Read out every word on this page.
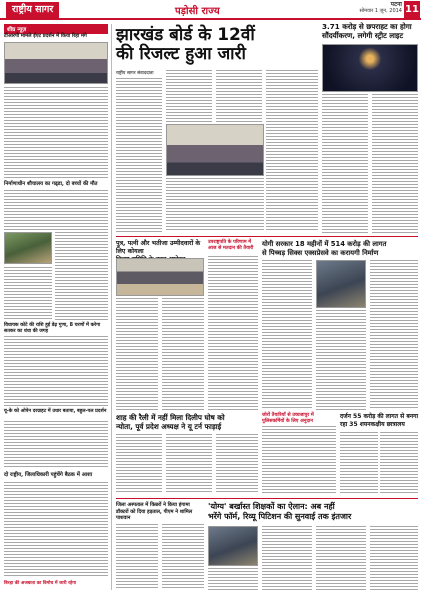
राष्ट्रीय सागर	पड़ोसी राज्य
पटना
सोमवार 1 जून, 2014 11
शीघ्र न्यूज़
टीआरपी मामले ईएट प्रदर्शन में किया रिहा मंगे
निर्माणाधीन शौचालय का गढ्डा, दो बच्चों की मौत
विधायक कोटे की राशि हुई डेढ़ गुणा, 8 चरणों में करेगा सतकर का धंधा की जगह
यू-के को ओपेन दरग्राहट में उधार बताया, बहुल-पल प्रदर्शन
दो राष्ट्रीय, जिलाधिकारी पहुंचेंगे बैठक में आशा
बिरहा की अजबाता का विमोच में जारी रहेगा
झारखंड बोर्ड के 12वीं
की रिजल्ट हुआ जारी
3.71 करोड़ से छपराहट का होगा
सौंदर्यीकरण, लगेगी स्ट्रीट लाइट
राष्ट्रीय सागर संवाददाता
पुत्र, पत्नी और भतीजा उम्मीदवारों के लिए कोयला
उपराष्ट्रपति के परिणाम में आज से मतदान की तैयारी
योगी सरकार 18 महीनों में 514 करोड़ की लागत
से पिच्चड़ सिक्स एक्सप्रेसवे का करायगी निर्माण
शाह की रैली में नहीं मिला दिलीप घोष को
न्योता, पूर्व प्रदेश अध्यक्ष ने यू टर्न फाड़ाई
जोरों तैयारियाँ से उच्चजापुर में पुलिसकर्मियों के लिए अनुदान
दर्जन 55 करोड़ की लागत से बनगा
रहा 35 शयनकक्षीय छात्रालय
जिला अस्पताल में किन्नरों ने किया हंगामा डॉक्टरों को दिया हड़ताल, पीएम ने शामिल पाशवान
'योग्य' बर्खास्त शिक्षकों का ऐलान: अब नहीं
भरेंगे फॉर्म, रिव्यू पिटिशन की सुनवाई तक इंतजार
